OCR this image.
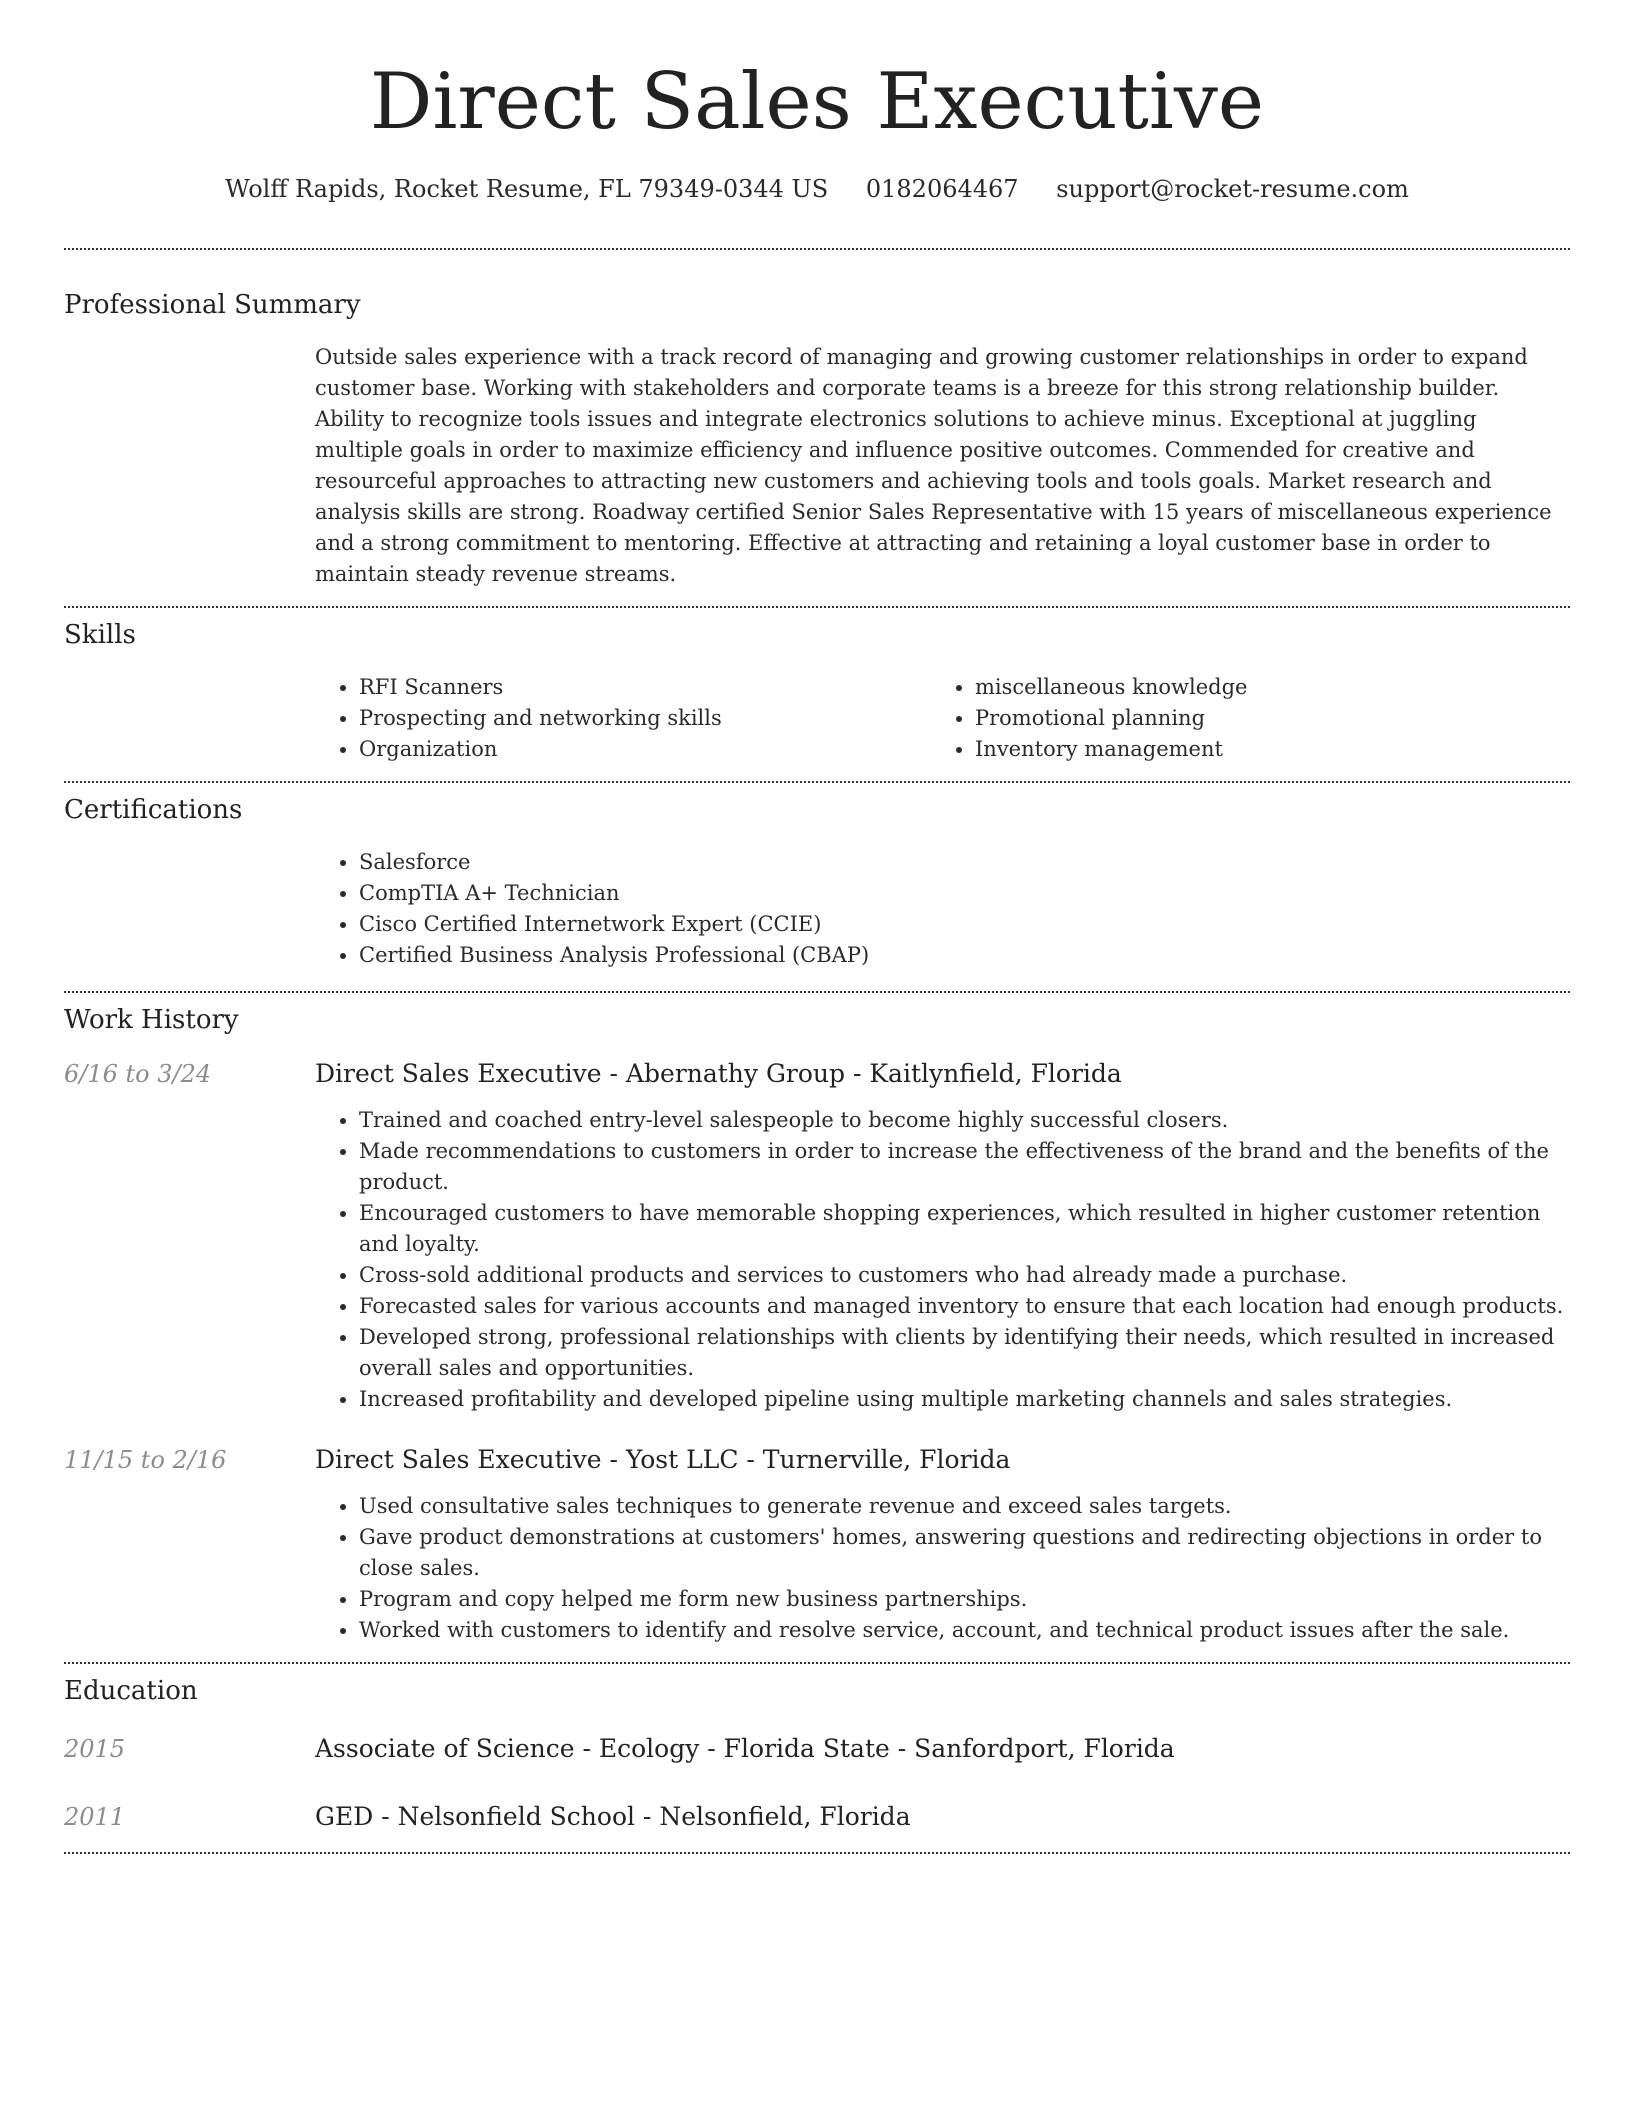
Direct Sales Executive
Wolff Rapids, Rocket Resume, FL 79349-0344 US 0182064467 support@rocket-resume.com
Professional Summary
Outside sales experience with a track record of managing and growing customer relationships in order to expand customer base. Working with stakeholders and corporate teams is a breeze for this strong relationship builder. Ability to recognize tools issues and integrate electronics solutions to achieve minus. Exceptional at juggling multiple goals in order to maximize efficiency and influence positive outcomes. Commended for creative and resourceful approaches to attracting new customers and achieving tools and tools goals. Market research and analysis skills are strong. Roadway certified Senior Sales Representative with 15 years of miscellaneous experience and a strong commitment to mentoring. Effective at attracting and retaining a loyal customer base in order to maintain steady revenue streams.
Skills
• RFI Scanners
• Prospecting and networking skills
• Organization
• miscellaneous knowledge
• Promotional planning
• Inventory management
Certifications
• Salesforce
• CompTIA A+ Technician
• Cisco Certified Internetwork Expert (CCIE)
• Certified Business Analysis Professional (CBAP)
Work History
6/16 to 3/24	Direct Sales Executive - Abernathy Group - Kaitlynfield, Florida
• Trained and coached entry-level salespeople to become highly successful closers.
• Made recommendations to customers in order to increase the effectiveness of the brand and the benefits of the product.
• Encouraged customers to have memorable shopping experiences, which resulted in higher customer retention and loyalty.
• Cross-sold additional products and services to customers who had already made a purchase.
• Forecasted sales for various accounts and managed inventory to ensure that each location had enough products.
• Developed strong, professional relationships with clients by identifying their needs, which resulted in increased overall sales and opportunities.
• Increased profitability and developed pipeline using multiple marketing channels and sales strategies.
11/15 to 2/16	Direct Sales Executive - Yost LLC - Turnerville, Florida
• Used consultative sales techniques to generate revenue and exceed sales targets.
• Gave product demonstrations at customers' homes, answering questions and redirecting objections in order to close sales.
• Program and copy helped me form new business partnerships.
• Worked with customers to identify and resolve service, account, and technical product issues after the sale.
Education
2015	Associate of Science - Ecology - Florida State - Sanfordport, Florida
2011	GED - Nelsonfield School - Nelsonfield, Florida
